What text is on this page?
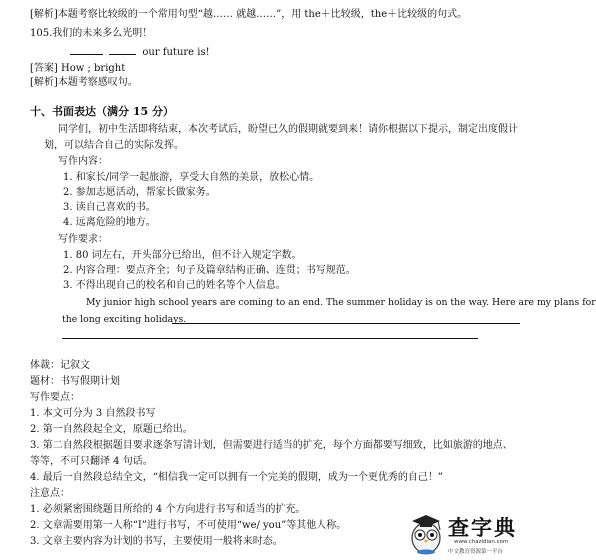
[解析]本题考察比较级的一个常用句型“越…… 就越……”，用 the＋比较级，the＋比较级的句式。
105.我们的未来多么光明！
our future is!
[答案] How ; bright
[解析]本题考察感叹句。
十、书面表达（满分 15 分）
同学们，初中生活即将结束，本次考试后，盼望已久的假期就要到来！请你根据以下提示，制定出度假计
划，可以结合自己的实际发挥。
写作内容：
1. 和家长/同学一起旅游，享受大自然的美景，放松心情。
2. 参加志愿活动，帮家长做家务。
3. 读自己喜欢的书。
4. 远离危险的地方。
写作要求：
1. 80 词左右，开头部分已给出，但不计入规定字数。
2. 内容合理：要点齐全；句子及篇章结构正确、连贯；书写规范。
3. 不得出现自己的校名和自己的姓名等个人信息。
My junior high school years are coming to an end. The summer holiday is on the way. Here are my plans for
the long exciting holidays.
体裁：记叙文
题材：书写假期计划
写作要点：
1. 本文可分为 3 自然段书写
2. 第一自然段起全文，原题已给出。
3. 第二自然段根据题目要求逐条写清计划，但需要进行适当的扩充，每个方面都要写细致，比如旅游的地点、
等等，不可只翻译 4 句话。
4. 最后一自然段总结全文，“相信我一定可以拥有一个完美的假期，成为一个更优秀的自己！”
注意点：
1. 必须紧密围绕题目所给的 4 个方向进行书写和适当的扩充。
2. 文章需要用第一人称“I”进行书写，不可使用“we/ you”等其他人称。
3. 文章主要内容为计划的书写，主要使用一般将来时态。
查字典
www.chazidian.com
中文教育资源第一平台
